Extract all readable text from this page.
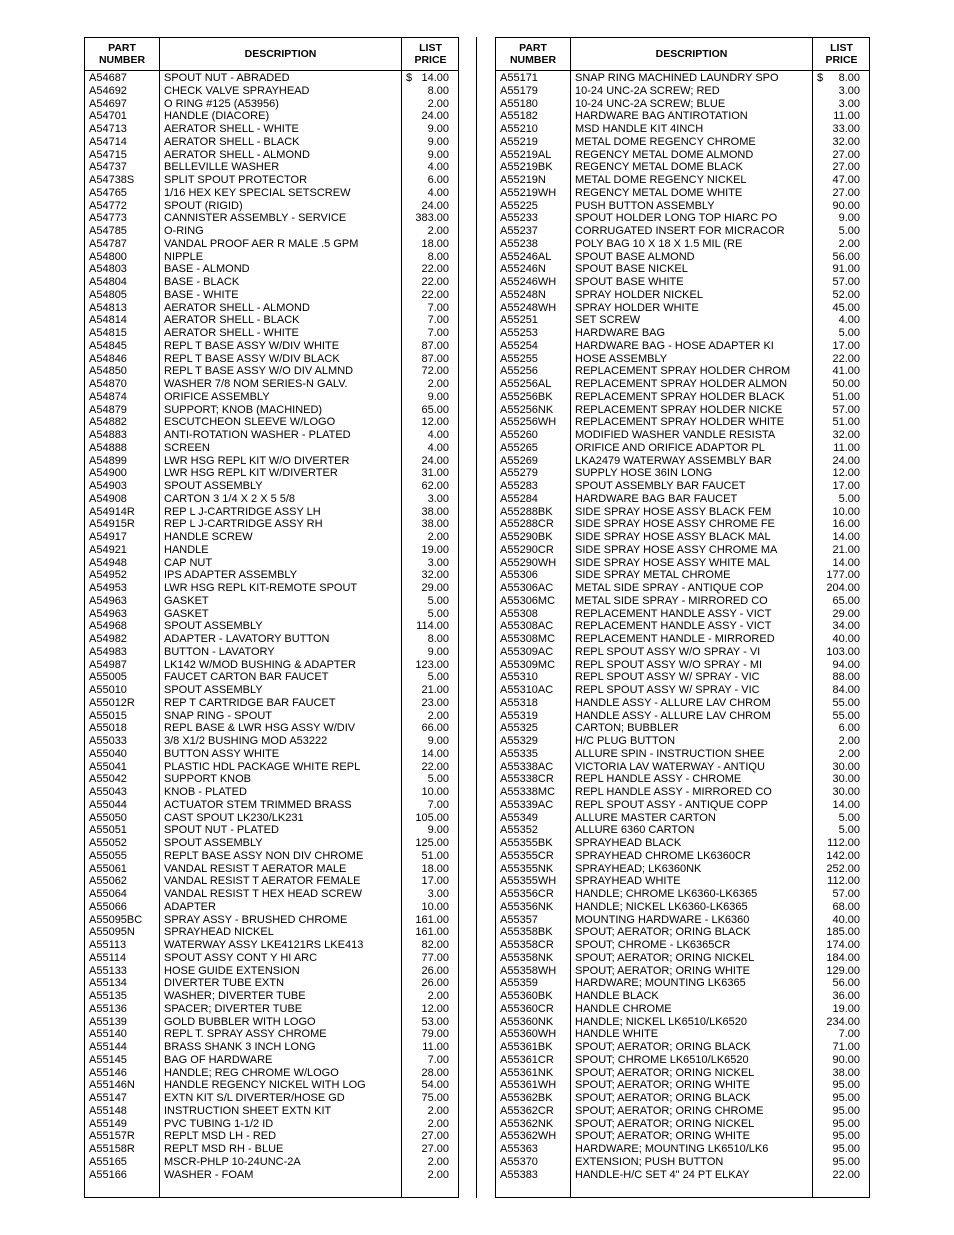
PART NUMBER	DESCRIPTION	LIST PRICE
A54687	SPOUT NUT - ABRADED	14.00
$
A54692	CHECK VALVE SPRAYHEAD	8.00
A54697	O RING #125 (A53956)	2.00
A54701	HANDLE (DIACORE)	24.00
A54713	AERATOR SHELL - WHITE	9.00
A54714	AERATOR SHELL - BLACK	9.00
A54715	AERATOR SHELL - ALMOND	9.00
A54737	BELLEVILLE WASHER	4.00
A54738S	SPLIT SPOUT PROTECTOR	6.00
A54765	1/16 HEX KEY SPECIAL SETSCREW	4.00
A54772	SPOUT (RIGID)	24.00
A54773	CANNISTER ASSEMBLY - SERVICE	383.00
A54785	O-RING	2.00
A54787	VANDAL PROOF AER R MALE .5 GPM	18.00
A54800	NIPPLE	8.00
A54803	BASE - ALMOND	22.00
A54804	BASE - BLACK	22.00
A54805	BASE - WHITE	22.00
A54813	AERATOR SHELL - ALMOND	7.00
A54814	AERATOR SHELL - BLACK	7.00
A54815	AERATOR SHELL - WHITE	7.00
A54845	REPL T BASE ASSY W/DIV WHITE	87.00
A54846	REPL T BASE ASSY W/DIV BLACK	87.00
A54850	REPL T BASE ASSY W/O DIV ALMND	72.00
A54870	WASHER 7/8 NOM SERIES-N GALV.	2.00
A54874	ORIFICE ASSEMBLY	9.00
A54879	SUPPORT; KNOB (MACHINED)	65.00
A54882	ESCUTCHEON SLEEVE W/LOGO	12.00
A54883	ANTI-ROTATION WASHER - PLATED	4.00
A54888	SCREEN	4.00
A54899	LWR HSG REPL KIT W/O DIVERTER	24.00
A54900	LWR HSG REPL KIT W/DIVERTER	31.00
A54903	SPOUT ASSEMBLY	62.00
A54908	CARTON 3 1/4 X 2 X 5 5/8	3.00
A54914R	REP L J-CARTRIDGE ASSY LH	38.00
A54915R	REP L J-CARTRIDGE ASSY RH	38.00
A54917	HANDLE SCREW	2.00
A54921	HANDLE	19.00
A54948	CAP NUT	3.00
A54952	IPS ADAPTER ASSEMBLY	32.00
A54953	LWR HSG REPL KIT-REMOTE SPOUT	29.00
A54963	GASKET	5.00
A54963	GASKET	5.00
A54968	SPOUT ASSEMBLY	114.00
A54982	ADAPTER - LAVATORY BUTTON	8.00
A54983	BUTTON - LAVATORY	9.00
A54987	LK142 W/MOD BUSHING & ADAPTER	123.00
A55005	FAUCET CARTON BAR FAUCET	5.00
A55010	SPOUT ASSEMBLY	21.00
A55012R	REP T CARTRIDGE BAR FAUCET	23.00
A55015	SNAP RING - SPOUT	2.00
A55018	REPL BASE & LWR HSG ASSY W/DIV	66.00
A55033	3/8 X1/2 BUSHING MOD A53222	9.00
A55040	BUTTON ASSY WHITE	14.00
A55041	PLASTIC HDL PACKAGE WHITE REPL	22.00
A55042	SUPPORT KNOB	5.00
A55043	KNOB - PLATED	10.00
A55044	ACTUATOR STEM TRIMMED BRASS	7.00
A55050	CAST SPOUT LK230/LK231	105.00
A55051	SPOUT NUT - PLATED	9.00
A55052	SPOUT ASSEMBLY	125.00
A55055	REPLT BASE ASSY NON DIV CHROME	51.00
A55061	VANDAL RESIST T AERATOR MALE	18.00
A55062	VANDAL RESIST T AERATOR FEMALE	17.00
A55064	VANDAL RESIST T HEX HEAD SCREW	3.00
A55066	ADAPTER	10.00
A55095BC SPRAY ASSY - BRUSHED CHROME	161.00
A55095N	SPRAYHEAD NICKEL	161.00
A55113	WATERWAY ASSY LKE4121RS LKE413	82.00
A55114	SPOUT ASSY CONT Y HI ARC	77.00
A55133	HOSE GUIDE EXTENSION	26.00
A55134	DIVERTER TUBE EXTN	26.00
A55135	WASHER; DIVERTER TUBE	2.00
A55136	SPACER; DIVERTER TUBE	12.00
A55139	GOLD BUBBLER WITH LOGO	53.00
A55140	REPL T. SPRAY ASSY CHROME	79.00
A55144	BRASS SHANK 3 INCH LONG	11.00
A55145	BAG OF HARDWARE	7.00
A55146	HANDLE; REG CHROME W/LOGO	28.00
A55146N	HANDLE REGENCY NICKEL WITH LOG	54.00
A55147	EXTN KIT S/L DIVERTER/HOSE GD	75.00
A55148	INSTRUCTION SHEET EXTN KIT	2.00
A55149	PVC TUBING 1-1/2 ID	2.00
A55157R	REPLT MSD LH - RED	27.00
A55158R	REPLT MSD RH - BLUE	27.00
A55165	MSCR-PHLP 10-24UNC-2A	2.00
A55166	WASHER - FOAM	2.00
PART NUMBER	DESCRIPTION	LIST PRICE
A55171	SNAP RING MACHINED LAUNDRY SPO	8.00
$
A55179	10-24 UNC-2A SCREW; RED	3.00
A55180	10-24 UNC-2A SCREW; BLUE	3.00
A55182	HARDWARE BAG ANTIROTATION	11.00
A55210	MSD HANDLE KIT 4INCH	33.00
A55219	METAL DOME REGENCY CHROME	32.00
A55219AL REGENCY METAL DOME ALMOND	27.00
A55219BK REGENCY METAL DOME BLACK	27.00
A55219N	METAL DOME REGENCY NICKEL	47.00
A55219WH REGENCY METAL DOME WHITE	27.00
A55225	PUSH BUTTON ASSEMBLY	90.00
A55233	SPOUT HOLDER LONG TOP HIARC PO	9.00
A55237	CORRUGATED INSERT FOR MICRACOR	5.00
A55238	POLY BAG 10 X 18 X 1.5 MIL (RE	2.00
A55246AL SPOUT BASE ALMOND	56.00
A55246N	SPOUT BASE NICKEL	91.00
A55246WH SPOUT BASE WHITE	57.00
A55248N	SPRAY HOLDER NICKEL	52.00
A55248WH SPRAY HOLDER WHITE	45.00
A55251	SET SCREW	4.00
A55253	HARDWARE BAG	5.00
A55254	HARDWARE BAG - HOSE ADAPTER KI	17.00
A55255	HOSE ASSEMBLY	22.00
A55256	REPLACEMENT SPRAY HOLDER CHROM	41.00
A55256AL REPLACEMENT SPRAY HOLDER ALMON	50.00
A55256BK REPLACEMENT SPRAY HOLDER BLACK	51.00
A55256NK REPLACEMENT SPRAY HOLDER NICKE	57.00
A55256WH REPLACEMENT SPRAY HOLDER WHITE	51.00
A55260	MODIFIED WASHER VANDLE RESISTA	32.00
A55265	ORIFICE AND ORIFICE ADAPTOR PL	11.00
A55269	LKA2479 WATERWAY ASSEMBLY BAR	24.00
A55279	SUPPLY HOSE 36IN LONG	12.00
A55283	SPOUT ASSEMBLY BAR FAUCET	17.00
A55284	HARDWARE BAG BAR FAUCET	5.00
A55288BK SIDE SPRAY HOSE ASSY BLACK FEM	10.00
A55288CR SIDE SPRAY HOSE ASSY CHROME FE	16.00
A55290BK SIDE SPRAY HOSE ASSY BLACK MAL	14.00
A55290CR SIDE SPRAY HOSE ASSY CHROME MA	21.00
A55290WH SIDE SPRAY HOSE ASSY WHITE MAL	14.00
A55306	SIDE SPRAY METAL CHROME	177.00
A55306AC METAL SIDE SPRAY - ANTIQUE COP	204.00
A55306MC METAL SIDE SPRAY - MIRRORED CO	65.00
A55308	REPLACEMENT HANDLE ASSY - VICT	29.00
A55308AC REPLACEMENT HANDLE ASSY - VICT	34.00
A55308MC REPLACEMENT HANDLE - MIRRORED	40.00
A55309AC REPL SPOUT ASSY W/O SPRAY - VI	103.00
A55309MC REPL SPOUT ASSY W/O SPRAY - MI	94.00
A55310	REPL SPOUT ASSY W/ SPRAY - VIC	88.00
A55310AC REPL SPOUT ASSY W/ SPRAY - VIC	84.00
A55318	HANDLE ASSY - ALLURE LAV CHROM	55.00
A55319	HANDLE ASSY - ALLURE LAV CHROM	55.00
A55325	CARTON; BUBBLER	6.00
A55329	H/C PLUG BUTTON	2.00
A55335	ALLURE SPIN - INSTRUCTION SHEE	2.00
A55338AC VICTORIA LAV WATERWAY - ANTIQU	30.00
A55338CR REPL HANDLE ASSY - CHROME	30.00
A55338MC REPL HANDLE ASSY - MIRRORED CO	30.00
A55339AC REPL SPOUT ASSY - ANTIQUE COPP	14.00
A55349	ALLURE MASTER CARTON	5.00
A55352	ALLURE 6360 CARTON	5.00
A55355BK SPRAYHEAD BLACK	112.00
A55355CR SPRAYHEAD CHROME LK6360CR	142.00
A55355NK SPRAYHEAD; LK6360NK	252.00
A55355WH SPRAYHEAD WHITE	112.00
A55356CR HANDLE; CHROME LK6360-LK6365	57.00
A55356NK HANDLE; NICKEL LK6360-LK6365	68.00
A55357	MOUNTING HARDWARE - LK6360	40.00
A55358BK SPOUT; AERATOR; ORING BLACK	185.00
A55358CR SPOUT; CHROME - LK6365CR	174.00
A55358NK SPOUT; AERATOR; ORING NICKEL	184.00
A55358WH SPOUT; AERATOR; ORING WHITE	129.00
A55359	HARDWARE; MOUNTING LK6365	56.00
A55360BK HANDLE BLACK	36.00
A55360CR HANDLE CHROME	19.00
A55360NK HANDLE; NICKEL LK6510/LK6520	234.00
A55360WH HANDLE WHITE	7.00
A55361BK SPOUT; AERATOR; ORING BLACK	71.00
A55361CR SPOUT; CHROME LK6510/LK6520	90.00
A55361NK SPOUT; AERATOR; ORING NICKEL	38.00
A55361WH SPOUT; AERATOR; ORING WHITE	95.00
A55362BK SPOUT; AERATOR; ORING BLACK	95.00
A55362CR SPOUT; AERATOR; ORING CHROME	95.00
A55362NK SPOUT; AERATOR; ORING NICKEL	95.00
A55362WH SPOUT; AERATOR; ORING WHITE	95.00
A55363	HARDWARE; MOUNTING LK6510/LK6	95.00
A55370	EXTENSION; PUSH BUTTON	95.00
A55383	HANDLE-H/C SET 4" 24 PT ELKAY	22.00
